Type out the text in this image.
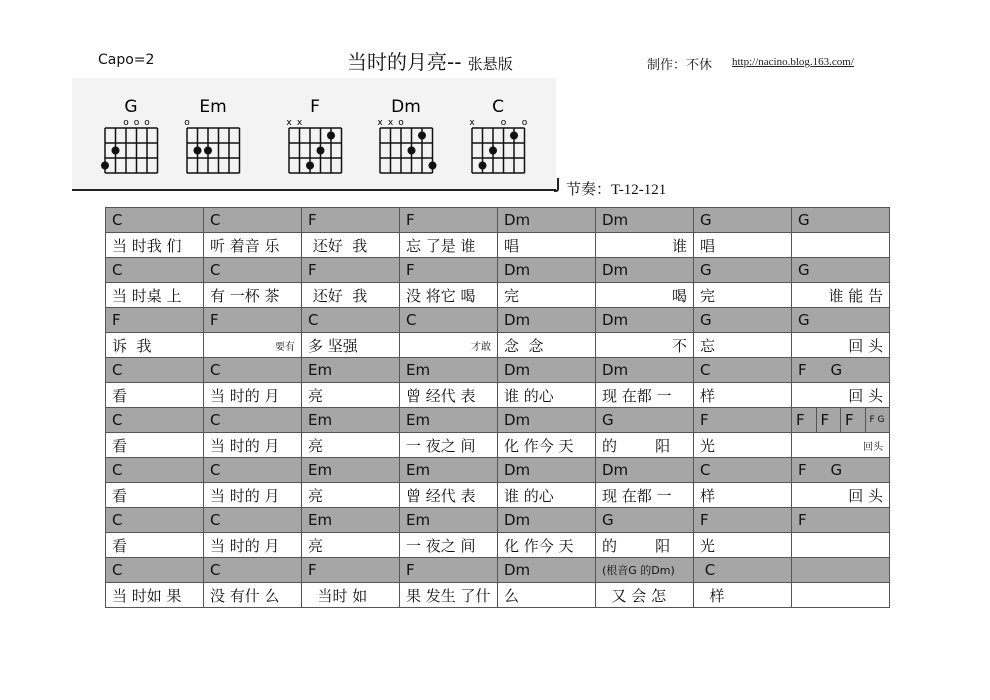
Capo=2	当时的月亮-- 张悬版	制作：不休 http://nacino.blog.163.com/
G
o o o
Em
o
F
x x
Dm
x x o
C
x	o o
节奏：T-12-121
C	C	F	F	Dm	Dm	G	G
当 时我 们	听 着音 乐	还好  我	忘 了是 谁	唱	谁	唱	
C	C	F	F	Dm	Dm	G	G
当 时桌 上	有 一杯 茶	还好  我	没 将它 喝	完	喝	完	谁 能 告
F	F	C	C	Dm	Dm	G	G
诉  我	要有	多 坚强	才敢	念  念	不	忘	回 头
C	C	Em	Em	Dm	Dm	C	F     G
看	当 时的 月	亮	曾 经代 表	谁 的心	现 在都 一	样	回 头
C	C	Em	Em	Dm	G	F	F F F F G

看	当 时的 月	亮	一 夜之 间	化 作今 天	的        阳	光	回头
C	C	Em	Em	Dm	Dm	C	F     G
看	当 时的 月	亮	曾 经代 表	谁 的心	现 在都 一	样	回 头
C	C	Em	Em	Dm	G	F	F
看	当 时的 月	亮	一 夜之 间	化 作今 天	的        阳	光	
C	C	F	F	Dm	(根音G 的Dm)	C	
当 时如 果	没 有什 么	当时 如	果 发生 了什	么	又 会 怎	样	
